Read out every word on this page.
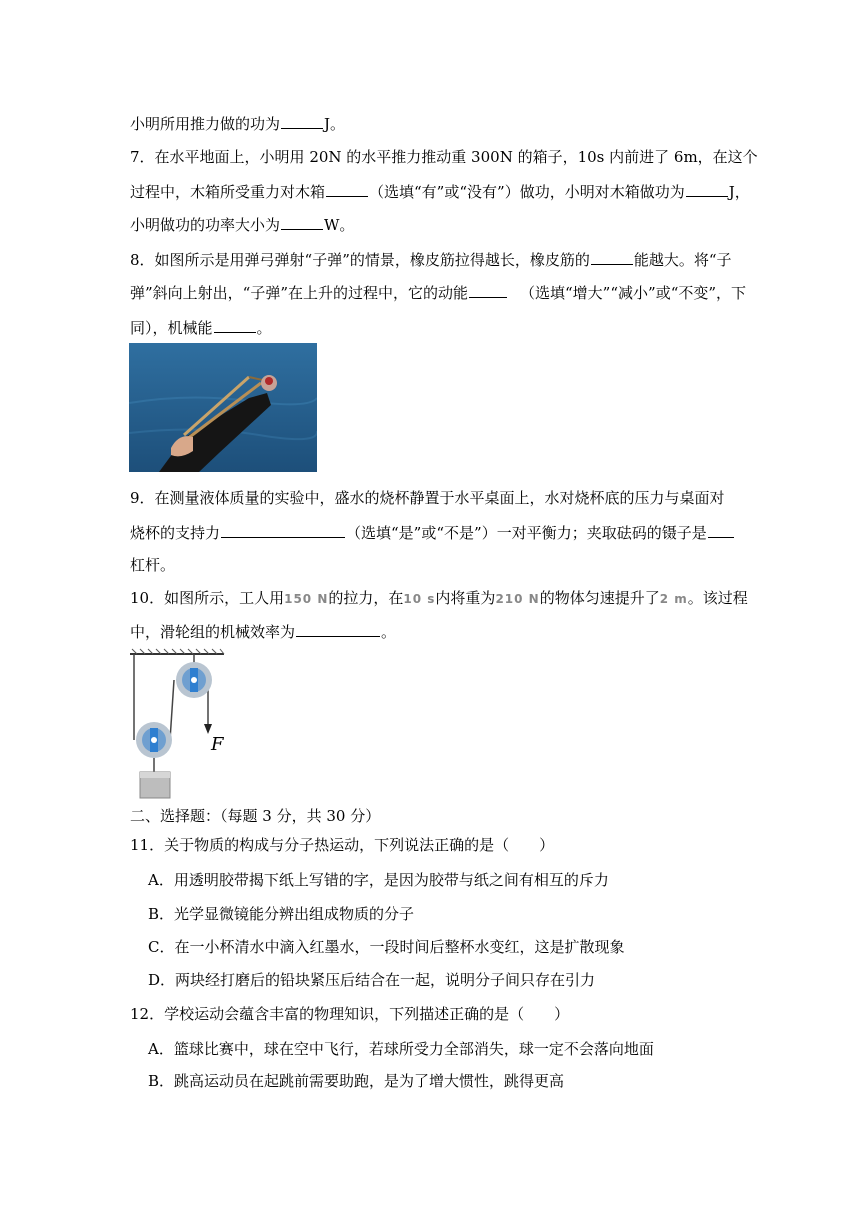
小明所用推力做的功为	J。
7．在水平地面上，小明用 20N 的水平推力推动重 300N 的箱子，10s 内前进了 6m，在这个
过程中，木箱所受重力对木箱	（选填“有”或“没有”）做功，小明对木箱做功为	J，
小明做功的功率大小为	W。
8．如图所示是用弹弓弹射“子弹”的情景，橡皮筋拉得越长，橡皮筋的	能越大。将“子
弹”斜向上射出，“子弹”在上升的过程中，它的动能	（选填“增大”“减小”或“不变”，下
同），机械能	。
9．在测量液体质量的实验中，盛水的烧杯静置于水平桌面上，水对烧杯底的压力与桌面对
烧杯的支持力	（选填“是”或“不是”）一对平衡力；夹取砝码的镊子是
杠杆。
10．如图所示，工人用150 N的拉力，在10 s内将重为210 N的物体匀速提升了2 m。该过程
中，滑轮组的机械效率为	。
F
二、选择题：（每题 3 分，共 30 分）
11．关于物质的构成与分子热运动，下列说法正确的是（　　）
A．用透明胶带揭下纸上写错的字，是因为胶带与纸之间有相互的斥力
B．光学显微镜能分辨出组成物质的分子
C．在一小杯清水中滴入红墨水，一段时间后整杯水变红，这是扩散现象
D．两块经打磨后的铅块紧压后结合在一起，说明分子间只存在引力
12．学校运动会蕴含丰富的物理知识，下列描述正确的是（　　）
A．篮球比赛中，球在空中飞行，若球所受力全部消失，球一定不会落向地面
B．跳高运动员在起跳前需要助跑，是为了增大惯性，跳得更高
